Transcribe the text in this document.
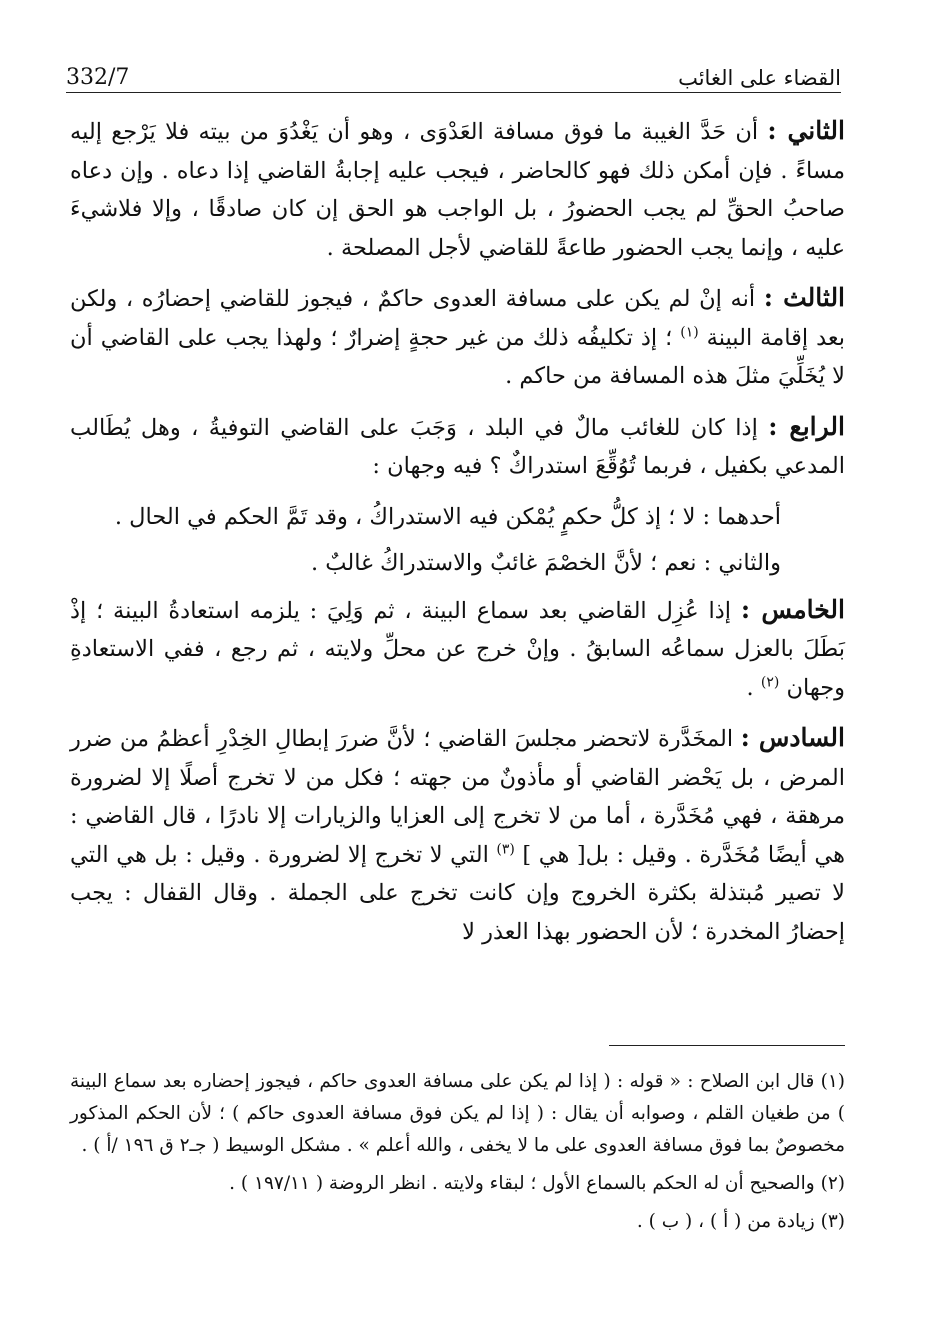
القضاء على الغائب
332/7

الثاني : أن حَدَّ الغيبة ما فوق مسافة العَدْوَى ، وهو أن يَغْدُوَ من بيته فلا يَرْجع إليه مساءً . فإن أمكن ذلك فهو كالحاضر ، فيجب عليه إجابةُ القاضي إذا دعاه . وإن دعاه صاحبُ الحقِّ لم يجب الحضورُ ، بل الواجب هو الحق إن كان صادقًا ، وإلا فلاشيءَ عليه ، وإنما يجب الحضور طاعةً للقاضي لأجل المصلحة .

الثالث : أنه إنْ لم يكن على مسافة العدوى حاكمٌ ، فيجوز للقاضي إحضارُه ، ولكن بعد إقامة البينة $^{(١)}$ ؛ إذ تكليفُه ذلك من غير حجةٍ إضرارٌ ؛ ولهذا يجب على القاضي أن لا يُخَلِّيَ مثلَ هذه المسافة من حاكم .

الرابع : إذا كان للغائب مالٌ في البلد ، وَجَبَ على القاضي التوفيةُ ، وهل يُطَالب المدعي بكفيل ، فربما تُوُقِّعَ استدراكٌ ؟ فيه وجهان :

أحدهما : لا ؛ إذ كلُّ حكمٍ يُمْكن فيه الاستدراكُ ، وقد تَمَّ الحكم في الحال .

والثاني : نعم ؛ لأنَّ الخصْمَ غائبٌ والاستدراكُ غالبٌ .

الخامس : إذا عُزِل القاضي بعد سماع البينة ، ثم وَلِيَ : يلزمه استعادةُ البينة ؛ إذْ بَطَلَ بالعزل سماعُه السابقُ . وإنْ خرج عن محلِّ ولايته ، ثم رجع ، ففي الاستعادةِ وجهان $^{(٢)}$ .

السادس : المخَدَّرة لاتحضر مجلسَ القاضي ؛ لأنَّ ضررَ إبطالِ الخِدْرِ أعظمُ من ضرر المرض ، بل يَحْضر القاضي أو مأذونٌ من جهته ؛ فكل من لا تخرج أصلًا إلا لضرورة مرهقة ، فهي مُخَدَّرة ، أما من لا تخرج إلى العزايا والزيارات إلا نادرًا ، قال القاضي : هي أيضًا مُخَدَّرة . وقيل : بل[ هي ] $^{(٣)}$ التي لا تخرج إلا لضرورة . وقيل : بل هي التي لا تصير مُبتذلة بكثرة الخروج وإن كانت تخرج على الجملة . وقال القفال : يجب إحضارُ المخدرة ؛ لأن الحضور بهذا العذر لا

(١) قال ابن الصلاح : « قوله : ( إذا لم يكن على مسافة العدوى حاكم ، فيجوز إحضاره بعد سماع البينة ) من طغيان القلم ، وصوابه أن يقال : ( إذا لم يكن فوق مسافة العدوى حاكم ) ؛ لأن الحكم المذكور مخصوصٌ بما فوق مسافة العدوى على ما لا يخفى ، والله أعلم » . مشكل الوسيط ( جـ٢ ق ١٩٦ /أ ) .

(٢) والصحيح أن له الحكم بالسماع الأول ؛ لبقاء ولايته . انظر الروضة ( ١٩٧/١١ ) .

(٣) زيادة من ( أ ) ، ( ب ) .
